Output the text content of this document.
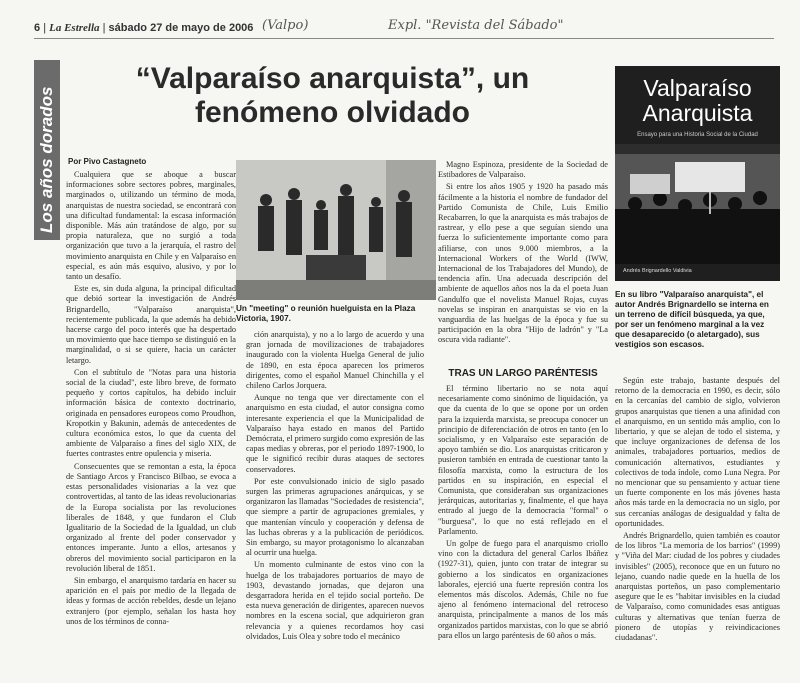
6 | La Estrella | sábado 27 de mayo de 2006 (Valpo)	Expl. "Revista del Sábado"
Los años dorados
“Valparaíso anarquista”, un fenómeno olvidado
Por Pivo Castagneto

Cualquiera que se aboque a buscar informaciones sobre sectores pobres, marginales, marginados o, utilizando un término de moda, anarquistas de nuestra sociedad, se encontrará con una dificultad fundamental: la escasa información disponible. Más aún tratándose de algo, por su propia naturaleza, que no surgió a toda organización que tuvo a la jerarquía, el rastro del movimiento anarquista en Chile y en Valparaíso en especial, es aún más esquivo, alusivo, y por lo tanto un desafío.

Este es, sin duda alguna, la principal dificultad que debió sortear la investigación de Andrés Brignardello, "Valparaíso anarquista", recientemente publicada, la que además ha debido hacerse cargo del poco interés que ha despertado un movimiento que hace tiempo se distinguió en la marginalidad, o si se quiere, hacia un carácter letargo.

Con el subtítulo de "Notas para una historia social de la ciudad", este libro breve, de formato pequeño y cortos capítulos, ha debido incluir información básica de contexto doctrinario, originada en pensadores europeos como Proudhon, Kropotkin y Bakunin, además de antecedentes de cultura económica estos, lo que da cuenta del ambiente de Valparaíso a fines del siglo XIX, de fuertes contrastes entre opulencia y miseria.

Consecuentes que se remontan a esta, la época de Santiago Arcos y Francisco Bilbao, se evoca a estas personalidades visionarias a la vez que controvertidas, al tanto de las ideas revolucionarias de la Europa socialista por las revoluciones liberales de 1848, y que fundaron el Club Igualitario de la Sociedad de la Igualdad, un club organizado al frente del poder conservador y entonces imperante. Junto a ellos, artesanos y obreros del movimiento social participaron en la revolución liberal de 1851.

Sin embargo, el anarquismo tardaría en hacer su aparición en el país por medio de la llegada de ideas y formas de acción rebeldes, desde un lejano extranjero (por ejemplo, señalan los hasta hoy unos de los términos de conna-

Un "meeting" o reunión huelguista en la Plaza Victoria, 1907.

ción anarquista), y no a lo largo de acuerdo y una gran jornada de movilizaciones de trabajadores inaugurado con la violenta Huelga General de julio de 1890, en esta época aparecen los primeros dirigentes, como el español Manuel Chinchilla y el chileno Carlos Jorquera.

Aunque no tenga que ver directamente con el anarquismo en esta ciudad, el autor consigna como interesante experiencia el que la Municipalidad de Valparaíso haya estado en manos del Partido Demócrata, el primero surgido como expresión de las capas medias y obreras, por el periodo 1897-1900, lo que le significó recibir duras ataques de sectores conservadores.

Por este convulsionado inicio de siglo pasado surgen las primeras agrupaciones anárquicas, y se organizaron las llamadas "Sociedades de resistencia", que siempre a partir de agrupaciones gremiales, y que mantenían vínculo y cooperación y defensa de las luchas obreras y a la publicación de periódicos. Sin embargo, su mayor protagonismo lo alcanzaban al ocurrir una huelga.

Un momento culminante de estos vino con la huelga de los trabajadores portuarios de mayo de 1903, devastando jornadas, que dejaron una desgarradora herida en el tejido social porteño. De esta nueva generación de dirigentes, aparecen nuevos nombres en la escena social, que adquirieron gran relevancia y a quienes recordamos hoy casi olvidados, Luis Olea y sobre todo el mecánico

Magno Espinoza, presidente de la Sociedad de Estibadores de Valparaíso.

Si entre los años 1905 y 1920 ha pasado más fácilmente a la historia el nombre de fundador del Partido Comunista de Chile, Luis Emilio Recabarren, lo que la anarquista es más trabajos de rastrear, y ello pese a que seguían siendo una fuerza lo suficientemente importante como para afiliarse, con unos 9.000 miembros, a la Internacional Workers of the World (IWW, Internacional de los Trabajadores del Mundo), de tendencia afín. Una adecuada descripción del ambiente de aquellos años nos la da el poeta Juan Gandulfo que el novelista Manuel Rojas, cuyas novelas se inspiran en anarquistas se vio en la vanguardia de las huelgas de la época y fue su participación en la obra "Hijo de ladrón" y "La oscura vida radiante".

TRAS UN LARGO PARÉNTESIS

El término libertario no se nota aquí necesariamente como sinónimo de liquidación, ya que da cuenta de lo que se opone por un orden para la izquierda marxista, se preocupa conocer un principio de diferenciación de otros en tanto (en lo socialismo, y en Valparaíso este separación de apoyo también se dio. Los anarquistas criticaron y pusieron también en entrada de cuestionar tanto la filosofía marxista, como la estructura de los partidos en su inspiración, en especial el Comunista, que consideraban sus organizaciones jerárquicas, autoritarias y, finalmente, el que haya entrado al juego de la democracia "formal" o "burguesa", lo que no está reflejado en el Parlamento.

Un golpe de fuego para el anarquismo criollo vino con la dictadura del general Carlos Ibáñez (1927-31), quien, junto con tratar de integrar su gobierno a los sindicatos en organizaciones laborales, ejerció una fuerte represión contra los elementos más díscolos. Además, Chile no fue ajeno al fenómeno internacional del retroceso anarquista, principalmente a manos de los más organizados partidos marxistas, con lo que se abrió para ellos un largo paréntesis de 60 años o más.

Valparaíso
Anarquista
Ensayo para una Historia Social de la Ciudad
Andrés Brignardello Valdivia
En su libro "Valparaíso anarquista", el autor Andrés Brignardello se interna en un terreno de difícil búsqueda, ya que, por ser un fenómeno marginal a la vez que desaparecido (o aletargado), sus vestigios son escasos.

Según este trabajo, bastante después del retorno de la democracia en 1990, es decir, sólo en la cercanías del cambio de siglo, volvieron grupos anarquistas que tienen a una afinidad con el anarquismo, en un sentido más amplio, con lo libertario, y que se alejan de todo el sistema, y que incluye organizaciones de defensa de los animales, trabajadores portuarios, medios de comunicación alternativos, estudiantes y colectivos de toda índole, como Luna Negra. Por no mencionar que su pensamiento y actuar tiene un fuerte componente en los más jóvenes hasta años más tarde en la democracia no un siglo, por sus cercanías análogas de desigualdad y falta de oportunidades.

Andrés Brignardello, quien también es coautor de los libros "La memoria de los barrios" (1999) y "Viña del Mar: ciudad de los pobres y ciudades invisibles" (2005), reconoce que en un futuro no lejano, cuando nadie quede en la huella de los anarquistas porteños, un paso complementario asegure que le es "habitar invisibles en la ciudad de Valparaíso, como comunidades esas antiguas culturas y alternativas que tenían fuerza de pionero de utopías y reivindicaciones ciudadanas".
